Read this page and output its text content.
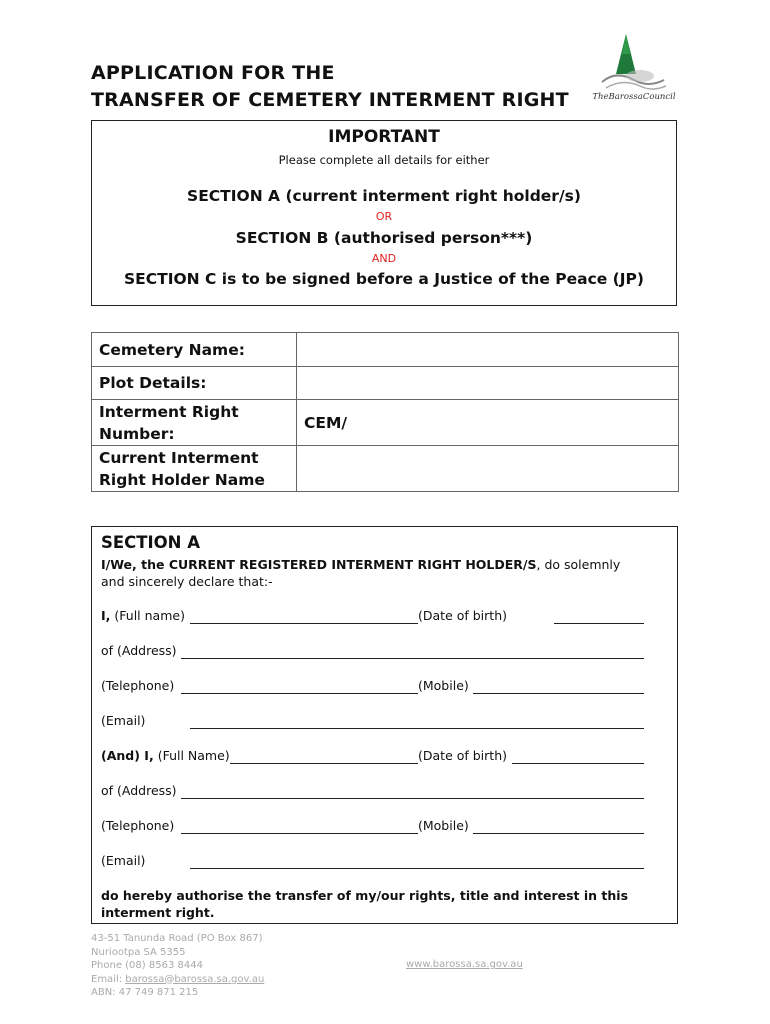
APPLICATION FOR THE
TRANSFER OF CEMETERY INTERMENT RIGHT	TheBarossaCouncil
IMPORTANT
Please complete all details for either
SECTION A (current interment right holder/s)
OR
SECTION B (authorised person***)
AND
SECTION C is to be signed before a Justice of the Peace (JP)
Cemetery Name:	
Plot Details:	
Interment Right Number:	CEM/
Current Interment Right Holder Name	
SECTION A
I/We, the CURRENT REGISTERED INTERMENT RIGHT HOLDER/S, do solemnly and sincerely declare that:-
I, (Full name)	(Date of birth)
of (Address)
(Telephone)	(Mobile)
(Email)
(And) I, (Full Name)	(Date of birth)
of (Address)
(Telephone)	(Mobile)
(Email)
do hereby authorise the transfer of my/our rights, title and interest in this interment right.
43-51 Tanunda Road (PO Box 867)
Nuriootpa SA 5355
Phone (08) 8563 8444
Email: barossa@barossa.sa.gov.au
ABN: 47 749 871 215
www.barossa.sa.gov.au
